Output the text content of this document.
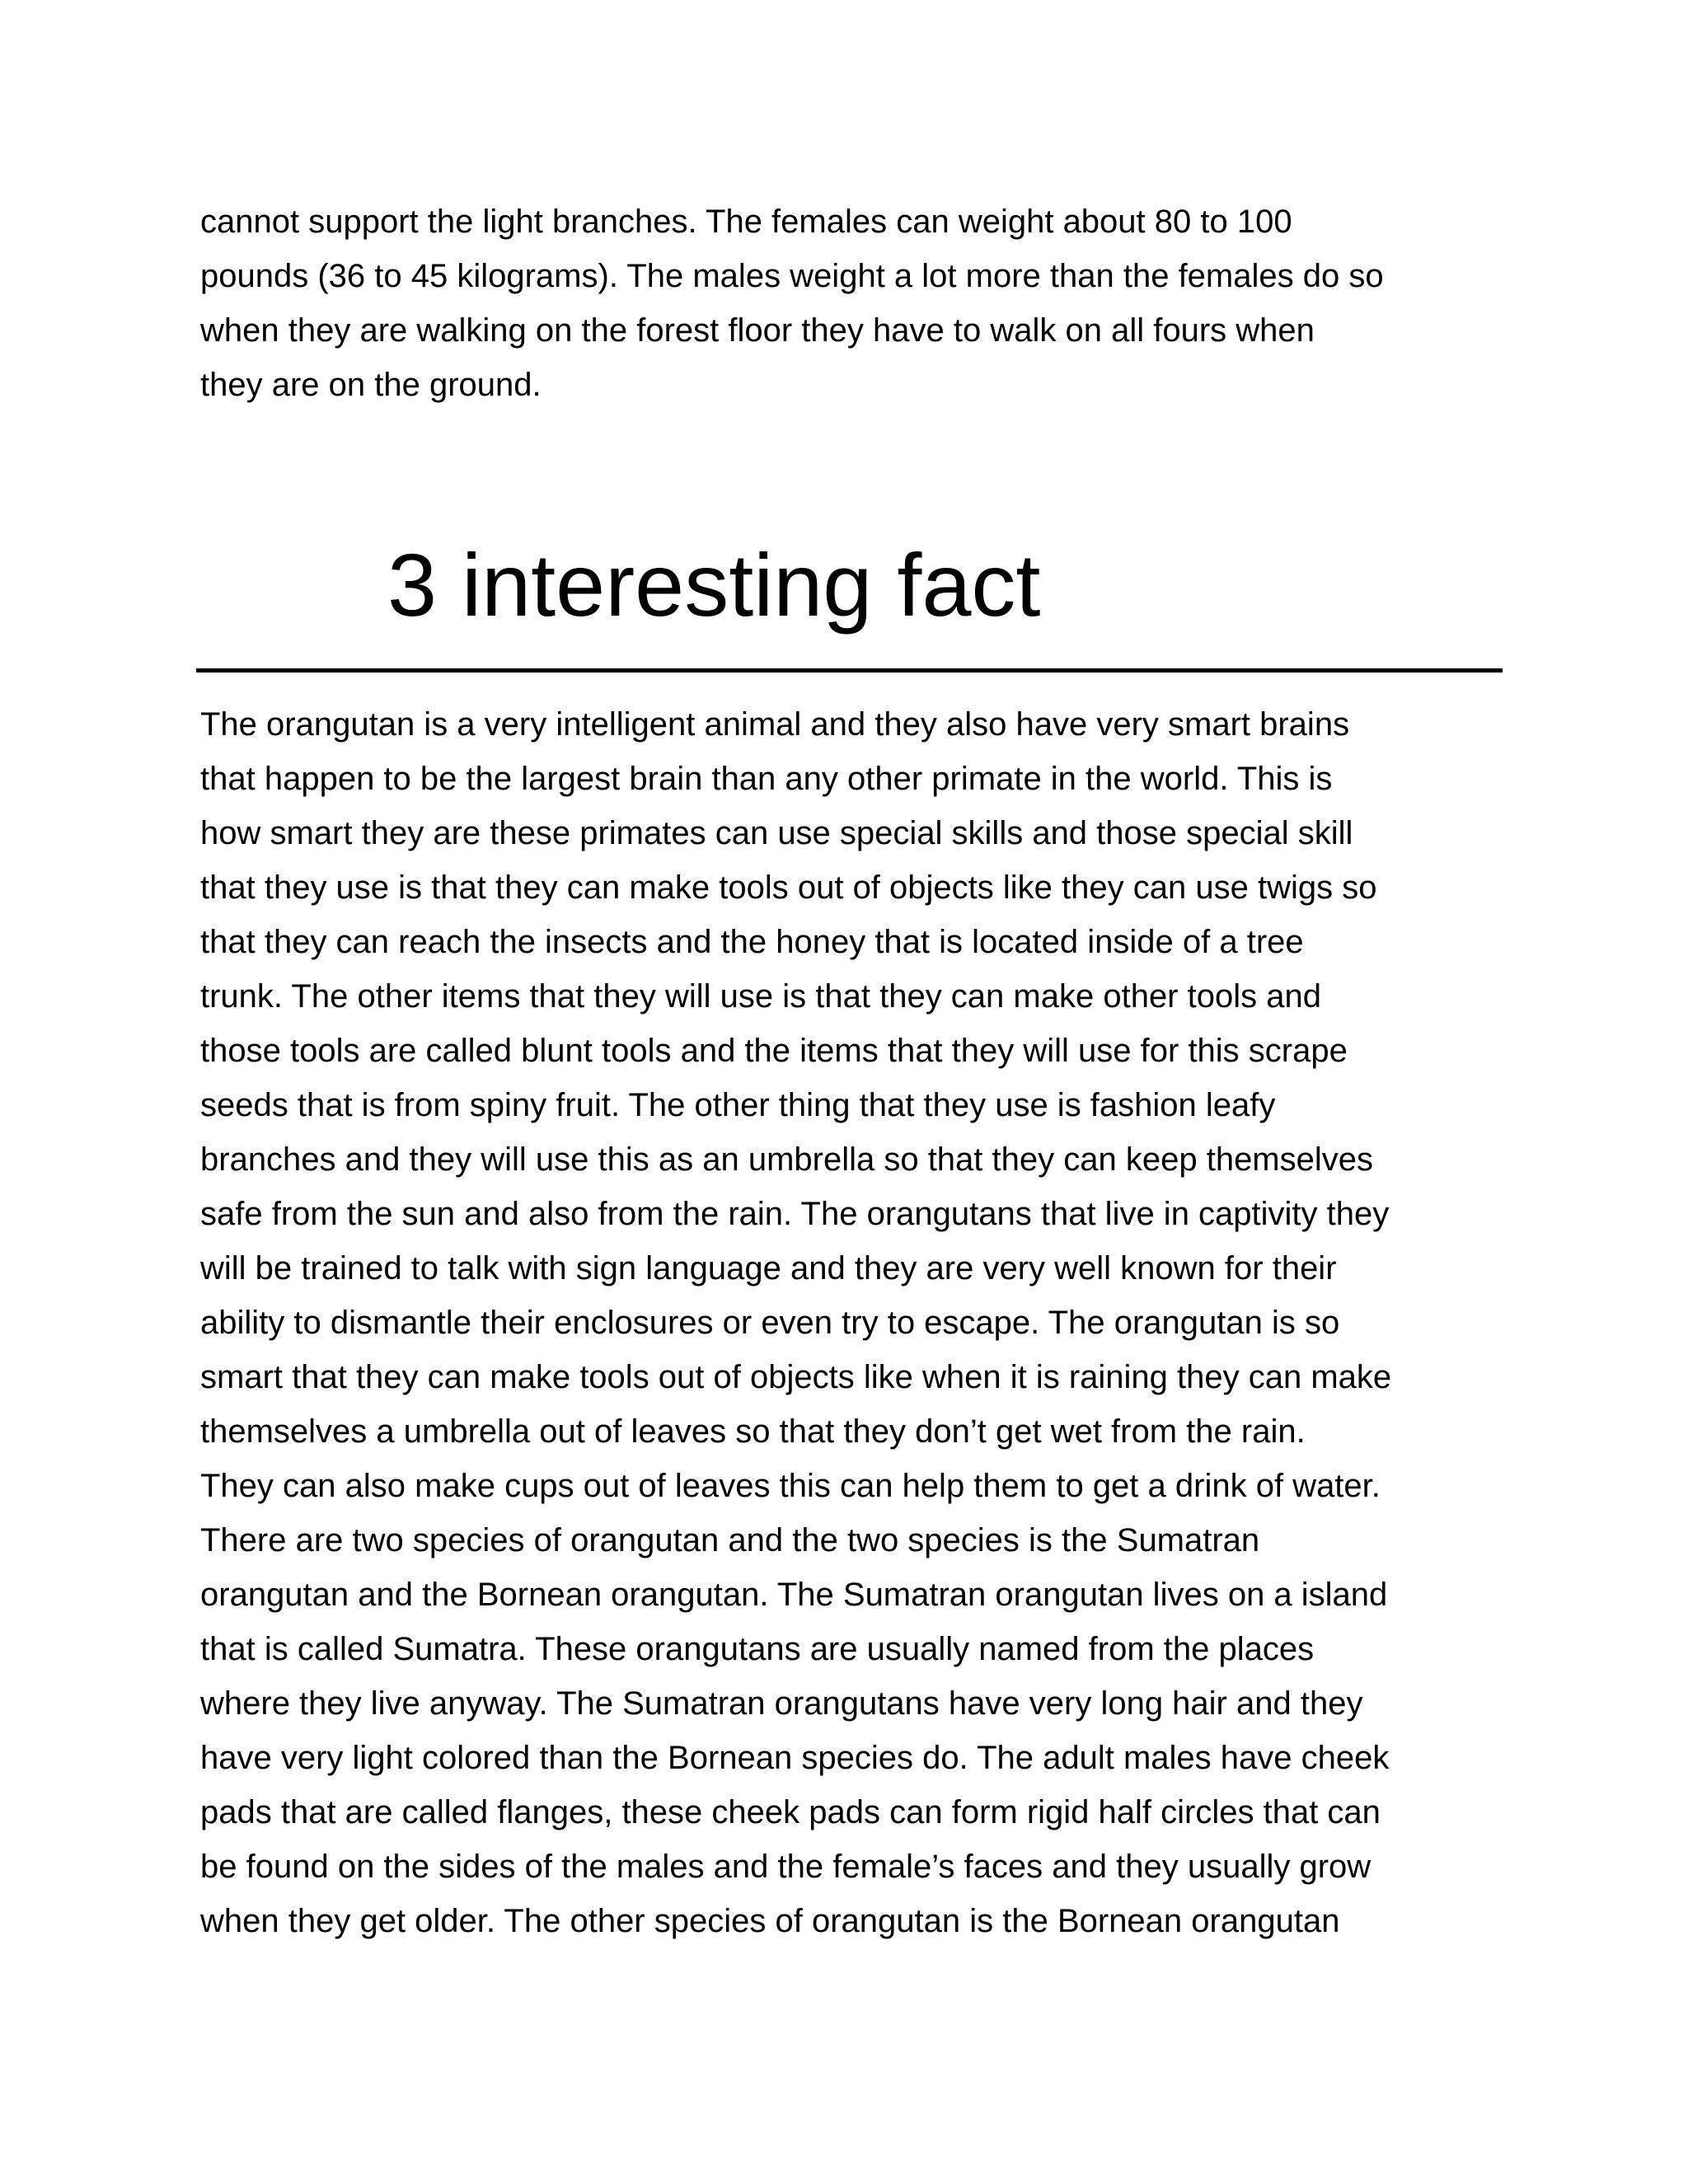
cannot support the light branches. The females can weight about 80 to 100
pounds (36 to 45 kilograms). The males weight a lot more than the females do so
when they are walking on the forest floor they have to walk on all fours when
they are on the ground.

3 interesting fact

The orangutan is a very intelligent animal and they also have very smart brains
that happen to be the largest brain than any other primate in the world. This is
how smart they are these primates can use special skills and those special skill
that they use is that they can make tools out of objects like they can use twigs so
that they can reach the insects and the honey that is located inside of a tree
trunk. The other items that they will use is that they can make other tools and
those tools are called blunt tools and the items that they will use for this scrape
seeds that is from spiny fruit. The other thing that they use is fashion leafy
branches and they will use this as an umbrella so that they can keep themselves
safe from the sun and also from the rain. The orangutans that live in captivity they
will be trained to talk with sign language and they are very well known for their
ability to dismantle their enclosures or even try to escape. The orangutan is so
smart that they can make tools out of objects like when it is raining they can make
themselves a umbrella out of leaves so that they don’t get wet from the rain.
They can also make cups out of leaves this can help them to get a drink of water.
There are two species of orangutan and the two species is the Sumatran
orangutan and the Bornean orangutan. The Sumatran orangutan lives on a island
that is called Sumatra. These orangutans are usually named from the places
where they live anyway. The Sumatran orangutans have very long hair and they
have very light colored than the Bornean species do. The adult males have cheek
pads that are called flanges, these cheek pads can form rigid half circles that can
be found on the sides of the males and the female’s faces and they usually grow
when they get older. The other species of orangutan is the Bornean orangutan
